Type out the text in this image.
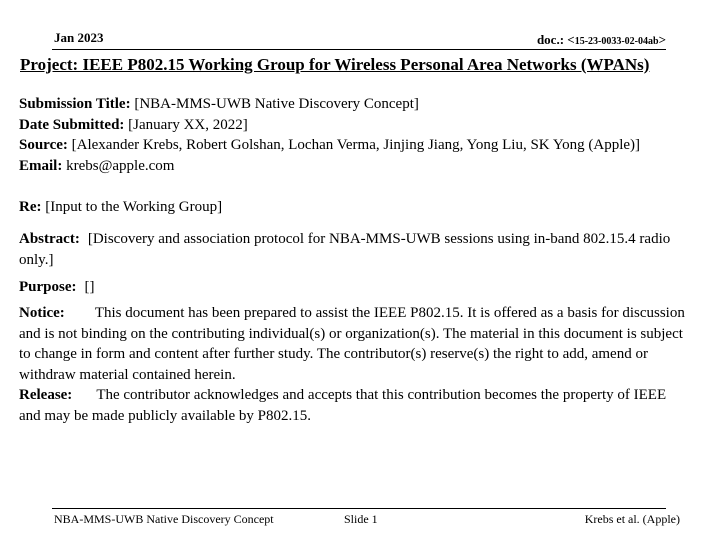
Jan 2023	doc.: <15-23-0033-02-04ab>
Project: IEEE P802.15 Working Group for Wireless Personal Area Networks (WPANs)
Submission Title: [NBA-MMS-UWB Native Discovery Concept]
Date Submitted: [January XX, 2022]
Source: [Alexander Krebs, Robert Golshan, Lochan Verma, Jinjing Jiang, Yong Liu, SK Yong (Apple)]
Email: krebs@apple.com
Re: [Input to the Working Group]
Abstract: [Discovery and association protocol for NBA-MMS-UWB sessions using in-band 802.15.4 radio only.]
Purpose: []
Notice: This document has been prepared to assist the IEEE P802.15. It is offered as a basis for discussion and is not binding on the contributing individual(s) or organization(s). The material in this document is subject to change in form and content after further study. The contributor(s) reserve(s) the right to add, amend or withdraw material contained herein.
Release: The contributor acknowledges and accepts that this contribution becomes the property of IEEE and may be made publicly available by P802.15.
NBA-MMS-UWB Native Discovery Concept	Slide 1	Krebs et al. (Apple)
